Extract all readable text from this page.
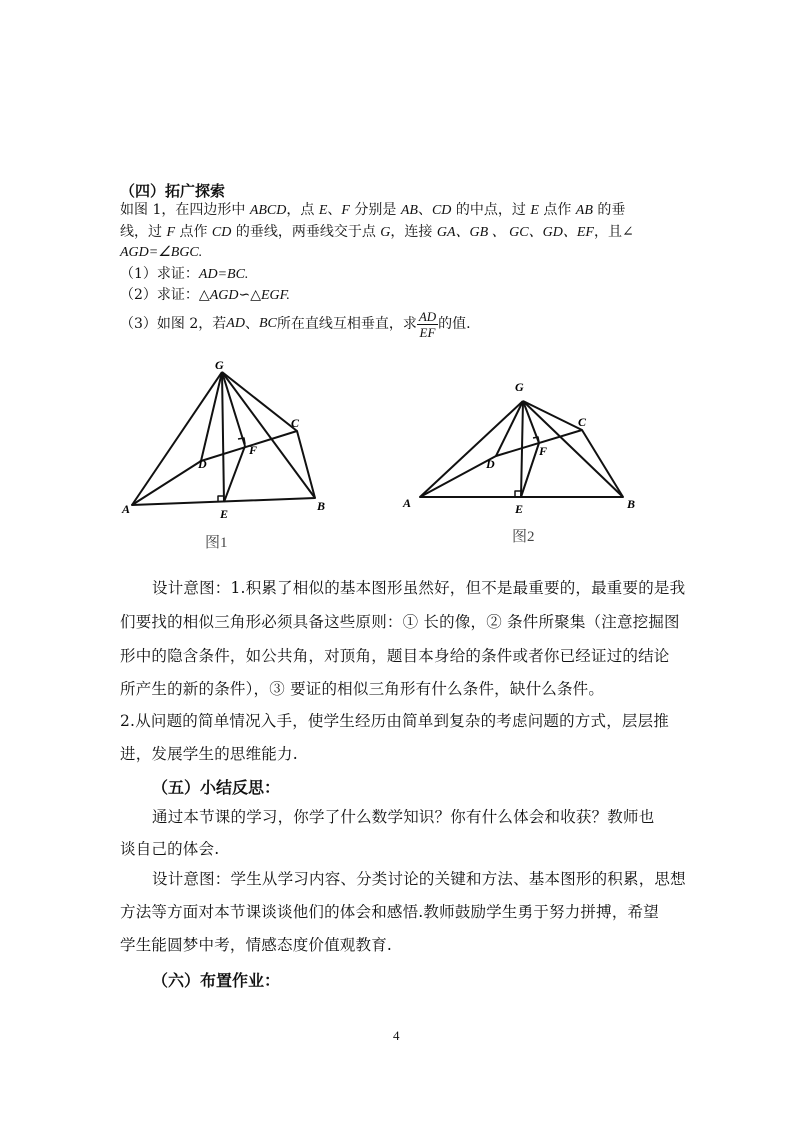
（四）拓广探索
如图 1，在四边形中 ABCD，点 E、F 分别是 AB、CD 的中点，过 E 点作 AB 的垂
线，过 F 点作 CD 的垂线，两垂线交于点 G，连接 GA、GB 、 GC、GD、EF，且∠
AGD=∠BGC.
（1）求证：AD=BC.
（2）求证：△AGD∽△EGF.
（3）如图 2，若 AD 、 BC 所在直线互相垂直，求 $\frac{AD}{EF}$ 的值.
G
C
D
F
A	E
B
图1
G
C
D
F
A	E	B
图2
设计意图：1.积累了相似的基本图形虽然好，但不是最重要的，最重要的是我
们要找的相似三角形必须具备这些原则：① 长的像，② 条件所聚集（注意挖掘图
形中的隐含条件，如公共角，对顶角，题目本身给的条件或者你已经证过的结论
所产生的新的条件），③ 要证的相似三角形有什么条件，缺什么条件。
2.从问题的简单情况入手，使学生经历由简单到复杂的考虑问题的方式，层层推
进，发展学生的思维能力.
（五）小结反思：
通过本节课的学习，你学了什么数学知识？你有什么体会和收获？教师也
谈自己的体会.
设计意图：学生从学习内容、分类讨论的关键和方法、基本图形的积累，思想
方法等方面对本节课谈谈他们的体会和感悟.教师鼓励学生勇于努力拼搏，希望
学生能圆梦中考，情感态度价值观教育.
（六）布置作业：
4
